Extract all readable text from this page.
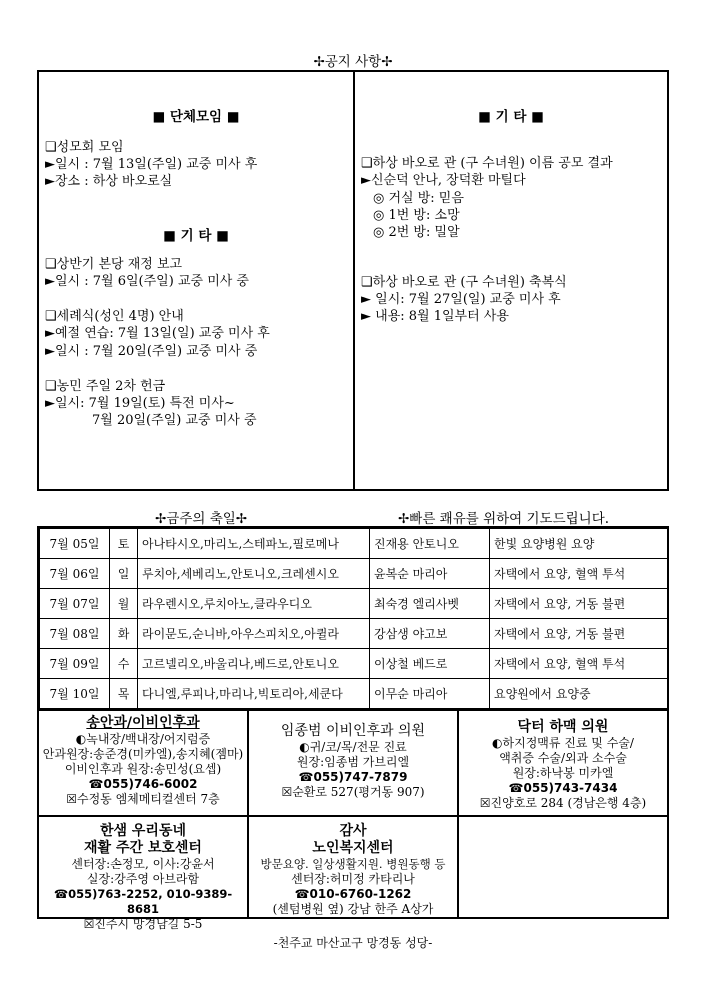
✢공지 사항✢
■ 단체모임 ■
❑성모회 모임
►일시 : 7월 13일(주일) 교중 미사 후
►장소 : 하상 바오로실
■ 기 타 ■
❑상반기 본당 재정 보고
►일시 : 7월 6일(주일) 교중 미사 중
❑세례식(성인 4명) 안내
►예절 연습: 7월 13일(일) 교중 미사 후
►일시 : 7월 20일(주일) 교중 미사 중
❑농민 주일 2차 헌금
►일시: 7월 19일(토) 특전 미사~
7월 20일(주일) 교중 미사 중
■ 기 타 ■
❑하상 바오로 관 (구 수녀원) 이름 공모 결과
►신순덕 안나, 장덕환 마틸다
◎ 거실 방: 믿음
◎ 1번 방: 소망
◎ 2번 방: 밀알
❑하상 바오로 관 (구 수녀원) 축복식
► 일시: 7월 27일(일) 교중 미사 후
► 내용: 8월 1일부터 사용
✢금주의 축일✢	✢빠른 쾌유를 위하여 기도드립니다.
7월 05일	토	아나타시오,마리노,스테파노,필로메나	진재용 안토니오	한빛 요양병원 요양
7월 06일	일	루치아,세베리노,안토니오,크레센시오	윤복순 마리아	자택에서 요양, 혈액 투석
7월 07일	월	라우렌시오,루치아노,클라우디오	최숙경 엘리사벳	자택에서 요양, 거동 불편
7월 08일	화	라이문도,순니바,아우스피치오,아퀼라	강삼생 야고보	자택에서 요양, 거동 불편
7월 09일	수	고르넬리오,바울리나,베드로,안토니오	이상철 베드로	자택에서 요양, 혈액 투석
7월 10일	목	다니엘,루피나,마리나,빅토리아,세쿤다	이무순 마리아	요양원에서 요양중

송안과/이비인후과
◐녹내장/백내장/어지럼증
안과원장:송준경(미카엘),송지혜(젬마)
이비인후과 원장:송민성(요셉)
☎055)746-6002
☒수정동 엠체메티컬센터 7층
임종범 이비인후과 의원
◐귀/코/목/전문 진료
원장:임종범 가브리엘
☎055)747-7879
☒순환로 527(평거동 907)
닥터 하맥 의원
◐하지정맥류 진료 및 수술/
액취증 수술/외과 소수술
원장:하낙봉 미카엘
☎055)743-7434
☒진양호로 284 (경남은행 4층)
한샘 우리동네
재활 주간 보호센터
센터장:손정모, 이사:강윤서
실장:강주영 아브라함
☎055)763-2252, 010-9389-8681
☒진주시 망경남길 5-5
감사
노인복지센터
방문요양. 일상생활지원. 병원동행 등
센터장:허미정 카타리나
☎010-6760-1262
(센텀병원 옆) 강남 한주 A상가
-천주교 마산교구 망경동 성당-
